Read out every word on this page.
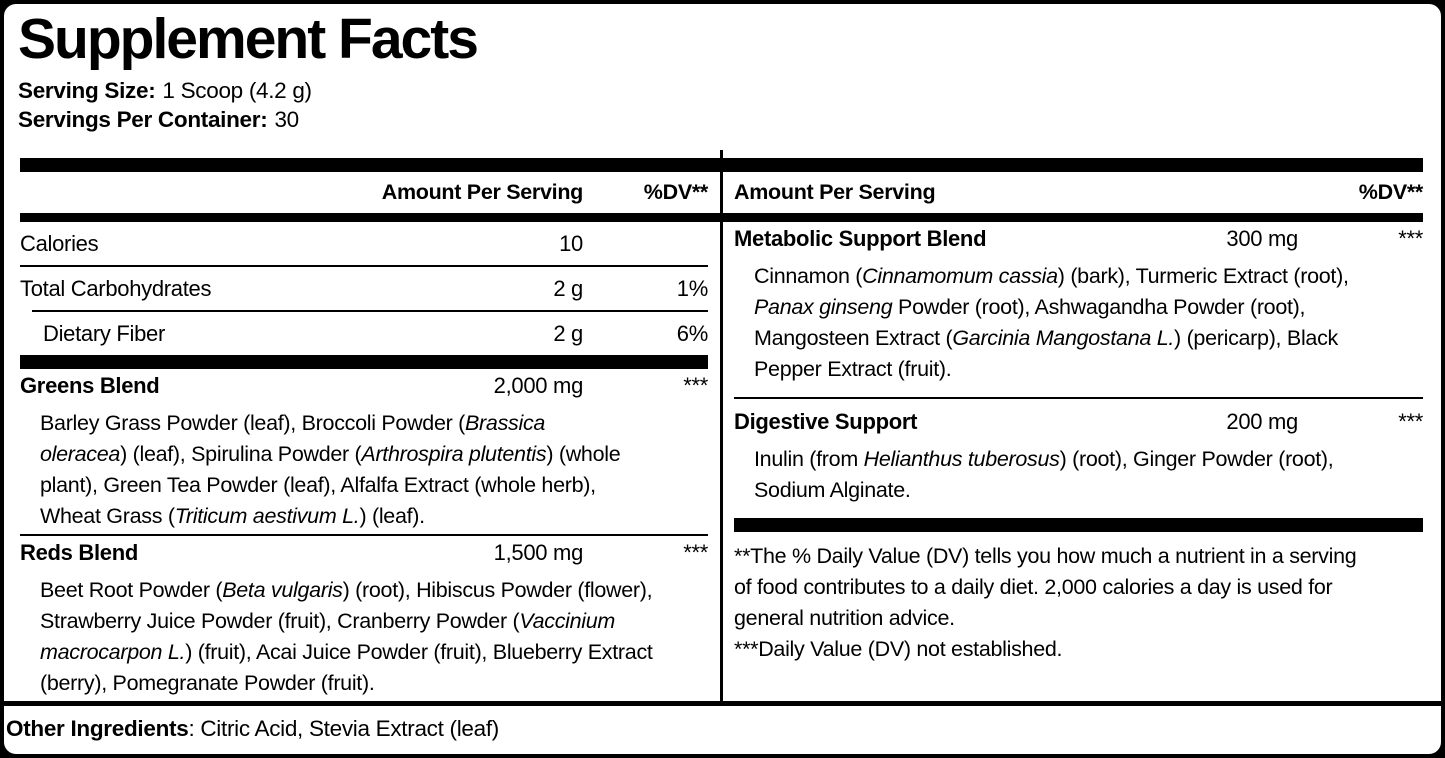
Supplement Facts
Serving Size: 1 Scoop (4.2 g)
Servings Per Container: 30
Amount Per Serving	%DV**
Calories	10
Total Carbohydrates	2 g	1%
Dietary Fiber	2 g	6%
Greens Blend	2,000 mg	***
Barley Grass Powder (leaf), Broccoli Powder (Brassica
oleracea) (leaf), Spirulina Powder (Arthrospira plutentis) (whole
plant), Green Tea Powder (leaf), Alfalfa Extract (whole herb),
Wheat Grass (Triticum aestivum L.) (leaf).
Reds Blend	1,500 mg	***
Beet Root Powder (Beta vulgaris) (root), Hibiscus Powder (flower),
Strawberry Juice Powder (fruit), Cranberry Powder (Vaccinium
macrocarpon L.) (fruit), Acai Juice Powder (fruit), Blueberry Extract
(berry), Pomegranate Powder (fruit).
Amount Per Serving	%DV**
Metabolic Support Blend	300 mg	***
Cinnamon (Cinnamomum cassia) (bark), Turmeric Extract (root),
Panax ginseng Powder (root), Ashwagandha Powder (root),
Mangosteen Extract (Garcinia Mangostana L.) (pericarp), Black
Pepper Extract (fruit).
Digestive Support	200 mg	***
Inulin (from Helianthus tuberosus) (root), Ginger Powder (root),
Sodium Alginate.
**The % Daily Value (DV) tells you how much a nutrient in a serving
of food contributes to a daily diet. 2,000 calories a day is used for
general nutrition advice.
***Daily Value (DV) not established.
Other Ingredients: Citric Acid, Stevia Extract (leaf)
